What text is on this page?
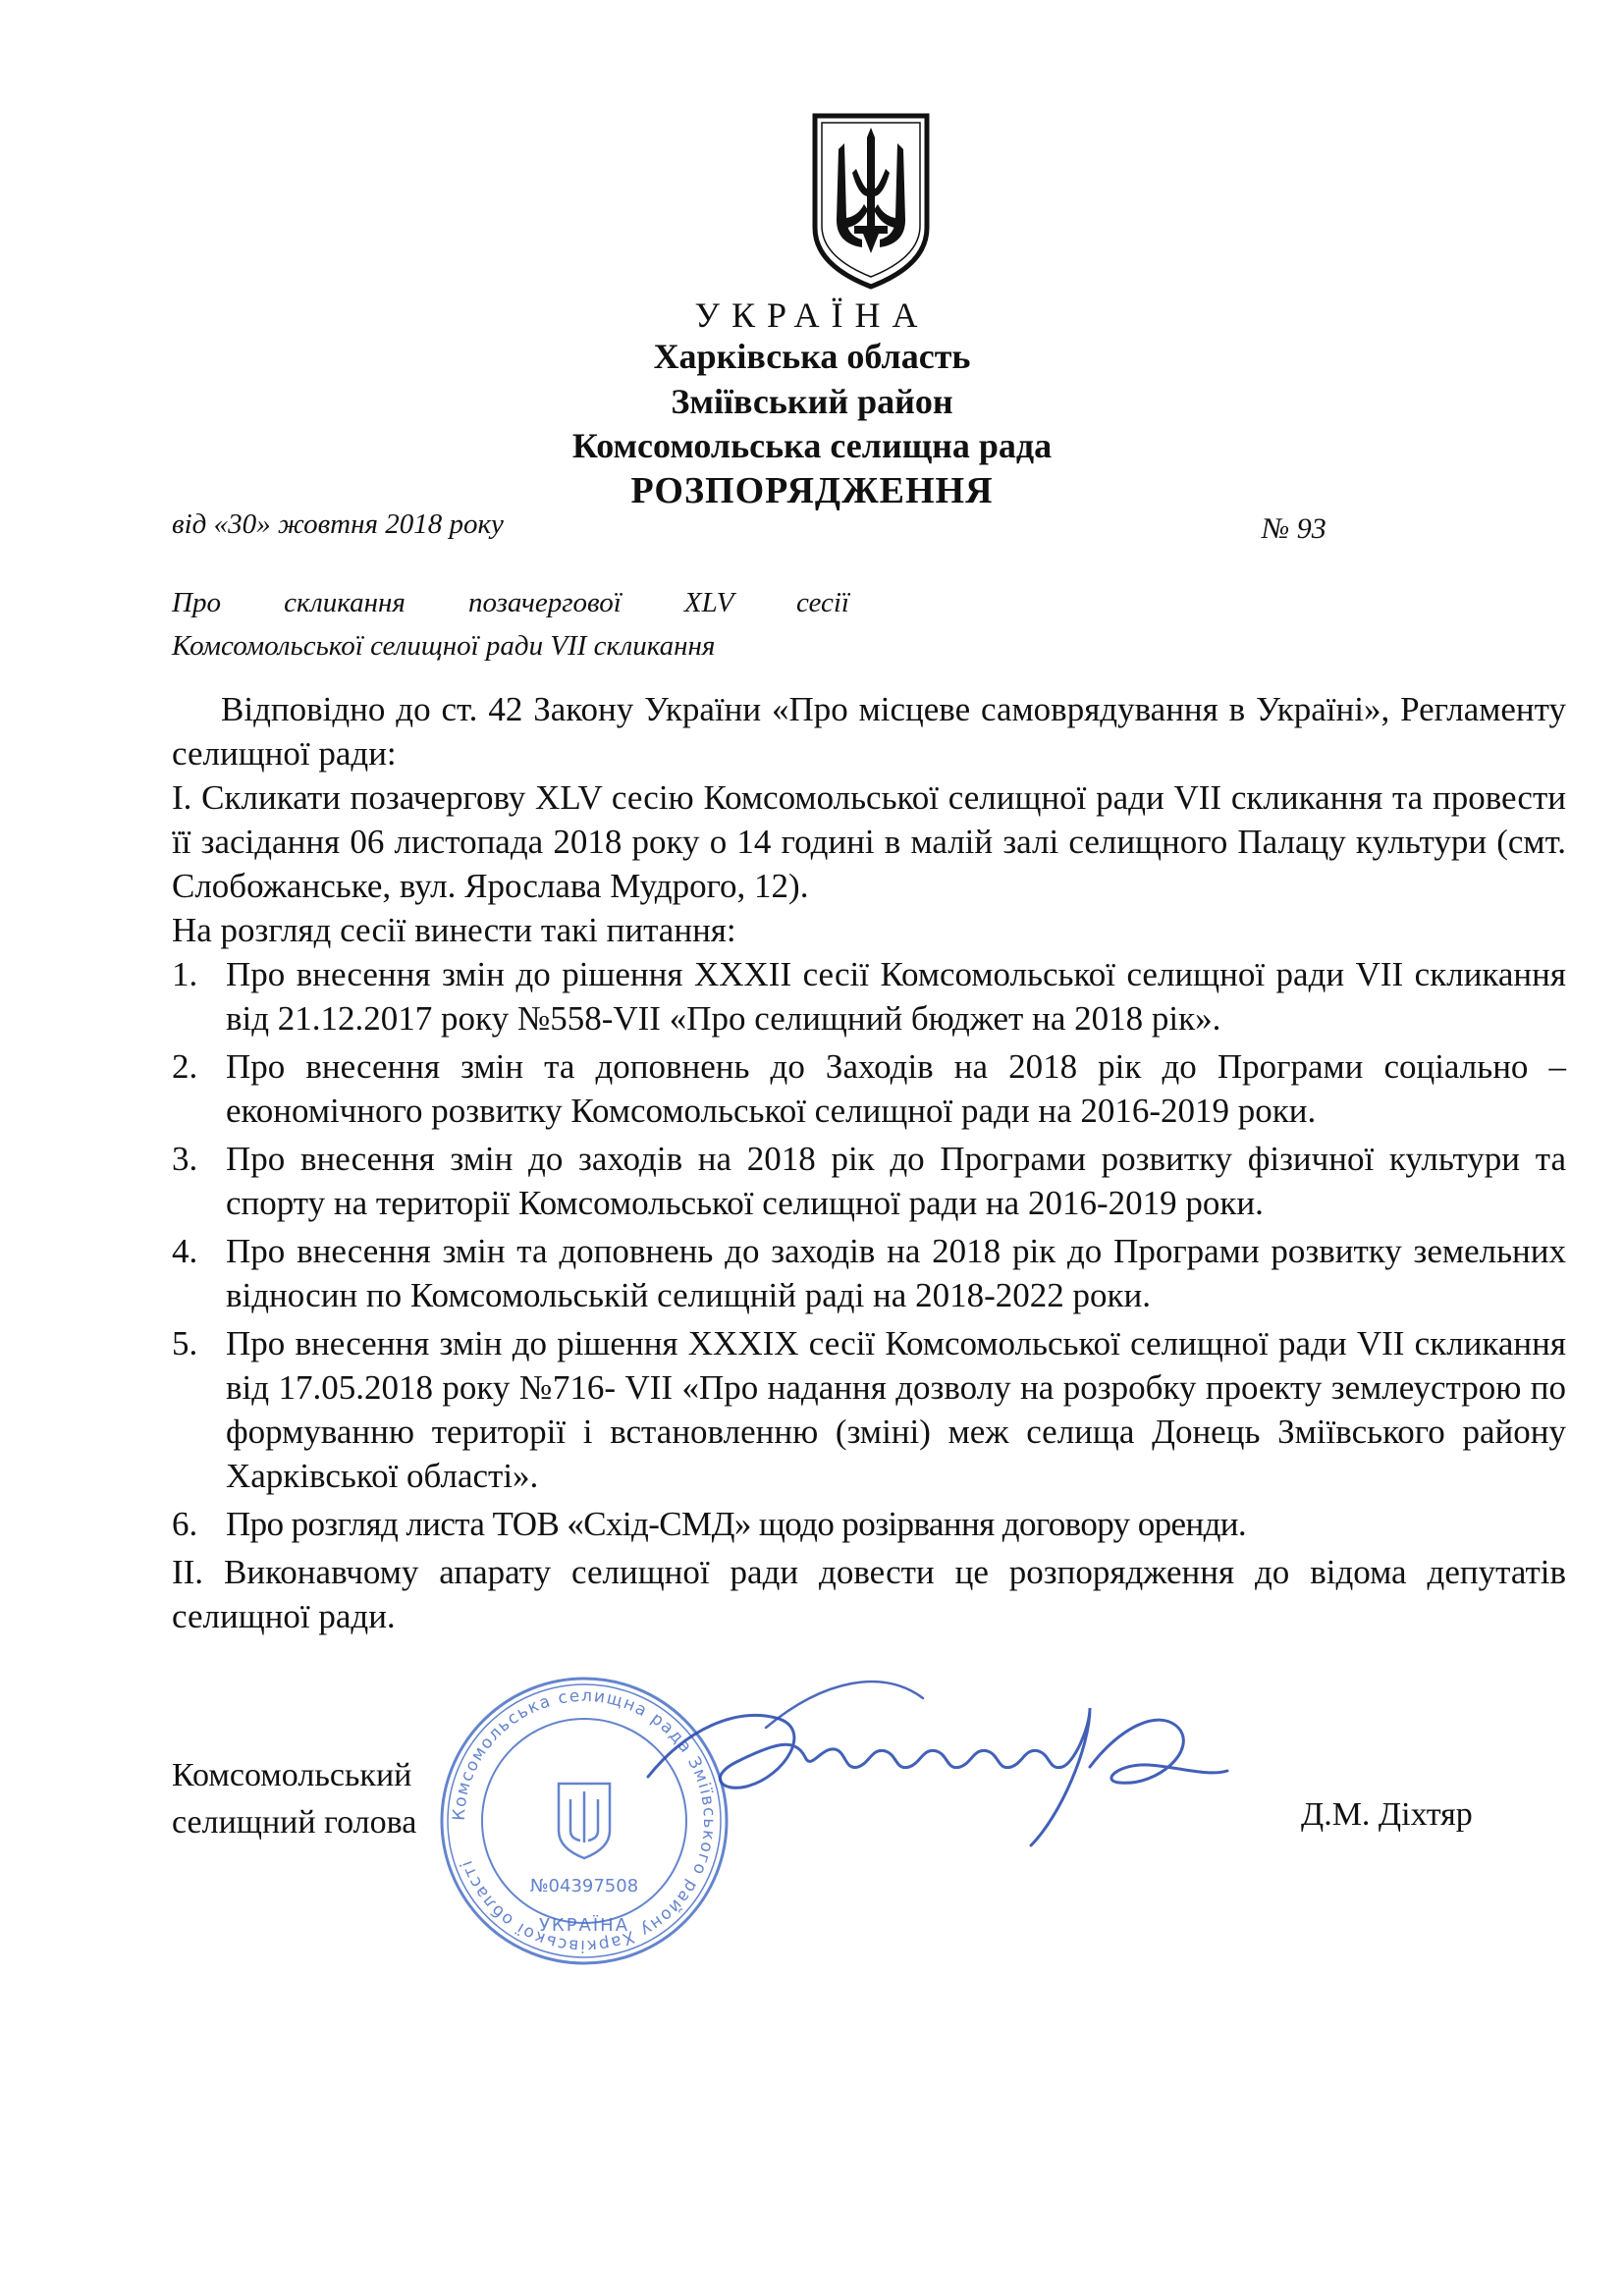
УКРАЇНА
Харківська область
Зміївський район
Комсомольська селищна рада
РОЗПОРЯДЖЕННЯ
від «30» жовтня 2018 року	№ 93
Про скликання позачергової XLV сесії
Комсомольської селищної ради VII скликання

Відповідно до ст. 42 Закону України «Про місцеве самоврядування в Україні», Регламенту селищної ради:

I. Скликати позачергову XLV сесію Комсомольської селищної ради VII скликання та провести її засідання 06 листопада 2018 року о 14 годині в малій залі селищного Палацу культури (смт. Слобожанське, вул. Ярослава Мудрого, 12).

На розгляд сесії винести такі питання:

1. Про внесення змін до рішення XXXII сесії Комсомольської селищної ради VII скликання від 21.12.2017 року №558-VII «Про селищний бюджет на 2018 рік».
2. Про внесення змін та доповнень до Заходів на 2018 рік до Програми соціально – економічного розвитку Комсомольської селищної ради на 2016-2019 роки.
3. Про внесення змін до заходів на 2018 рік до Програми розвитку фізичної культури та спорту на території Комсомольської селищної ради на 2016-2019 роки.
4. Про внесення змін та доповнень до заходів на 2018 рік до Програми розвитку земельних відносин по Комсомольській селищній раді на 2018-2022 роки.
5. Про внесення змін до рішення XXXIX сесії Комсомольської селищної ради VII скликання від 17.05.2018 року №716- VII «Про надання дозволу на розробку проекту землеустрою по формуванню території і встановленню (зміні) меж селища Донець Зміївського району Харківської області».
6. Про розгляд листа ТОВ «Схід-СМД» щодо розірвання договору оренди.

II. Виконавчому апарату селищної ради довести це розпорядження до відома депутатів селищної ради.

Комсомольський
селищний голова	Д.М. Діхтяр
Комсомольська селищна рада Зміївського району Харківської області
№04397508
УКРАЇНА
